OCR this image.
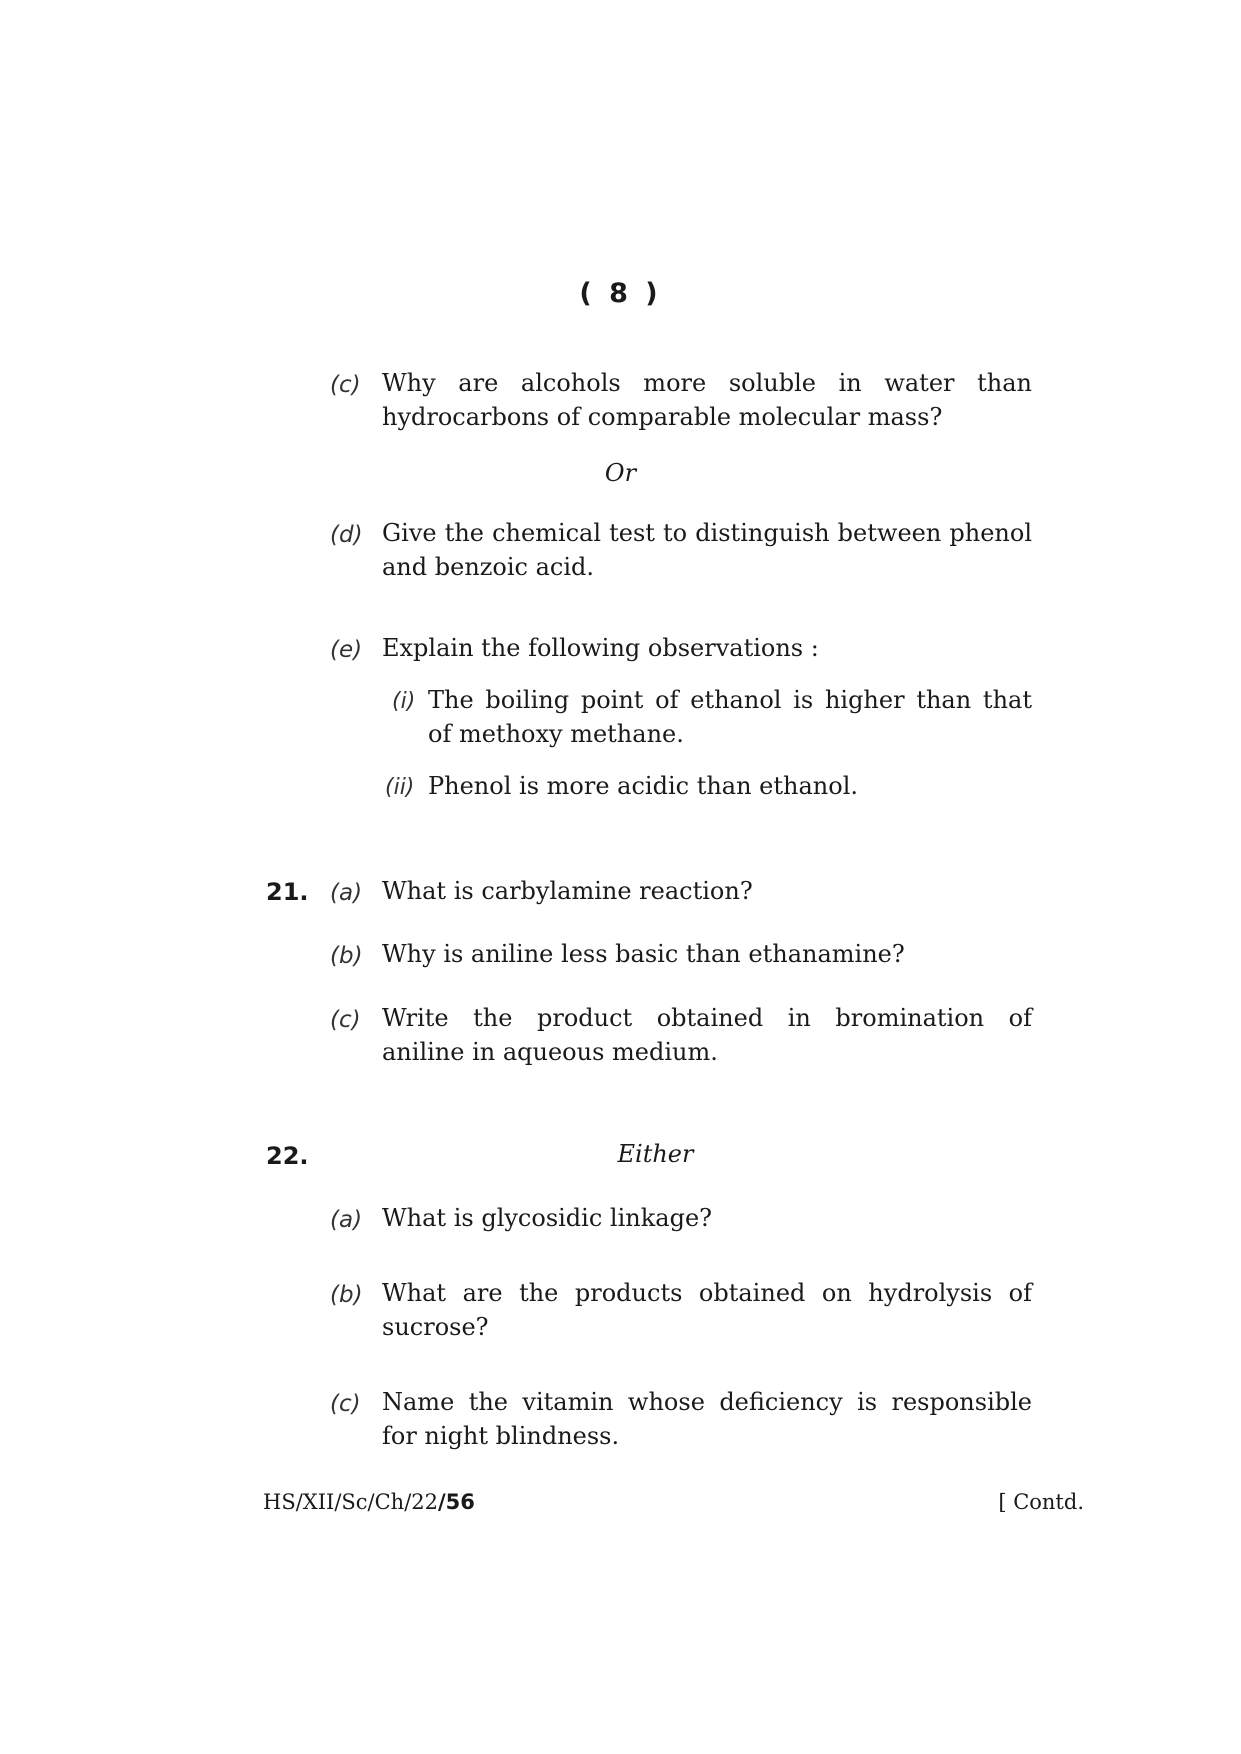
( 8 )
(c) Why are alcohols more soluble in water than
hydrocarbons of comparable molecular mass?
Or
(d) Give the chemical test to distinguish between phenol
and benzoic acid.
(e) Explain the following observations :
(i) The boiling point of ethanol is higher than that
of methoxy methane.
(ii) Phenol is more acidic than ethanol.
21. (a) What is carbylamine reaction?
(b) Why is aniline less basic than ethanamine?
(c) Write the product obtained in bromination of
aniline in aqueous medium.
22.	Either
(a) What is glycosidic linkage?
(b) What are the products obtained on hydrolysis of
sucrose?
(c) Name the vitamin whose deficiency is responsible
for night blindness.
HS/XII/Sc/Ch/22/56	[ Contd.
